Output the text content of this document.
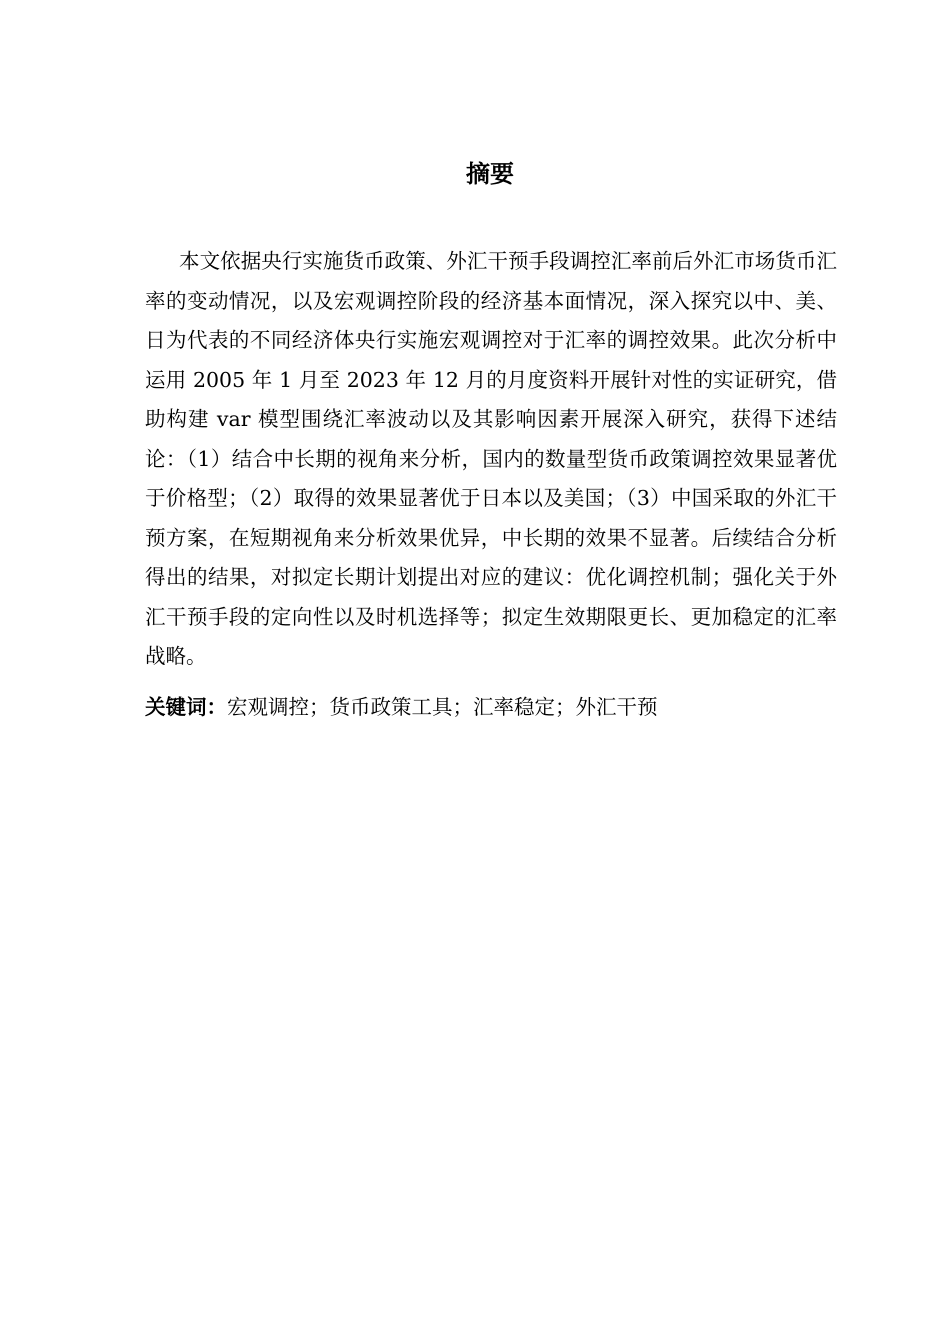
摘要

本文依据央行实施货币政策、外汇干预手段调控汇率前后外汇市场货币汇率的变动情况，以及宏观调控阶段的经济基本面情况，深入探究以中、美、日为代表的不同经济体央行实施宏观调控对于汇率的调控效果。此次分析中运用 2005 年 1 月至 2023 年 12 月的月度资料开展针对性的实证研究，借助构建 var 模型围绕汇率波动以及其影响因素开展深入研究，获得下述结论：（1）结合中长期的视角来分析，国内的数量型货币政策调控效果显著优于价格型；（2）取得的效果显著优于日本以及美国；（3）中国采取的外汇干预方案，在短期视角来分析效果优异，中长期的效果不显著。后续结合分析得出的结果，对拟定长期计划提出对应的建议：优化调控机制；强化关于外汇干预手段的定向性以及时机选择等；拟定生效期限更长、更加稳定的汇率战略。

关键词：宏观调控；货币政策工具；汇率稳定；外汇干预
